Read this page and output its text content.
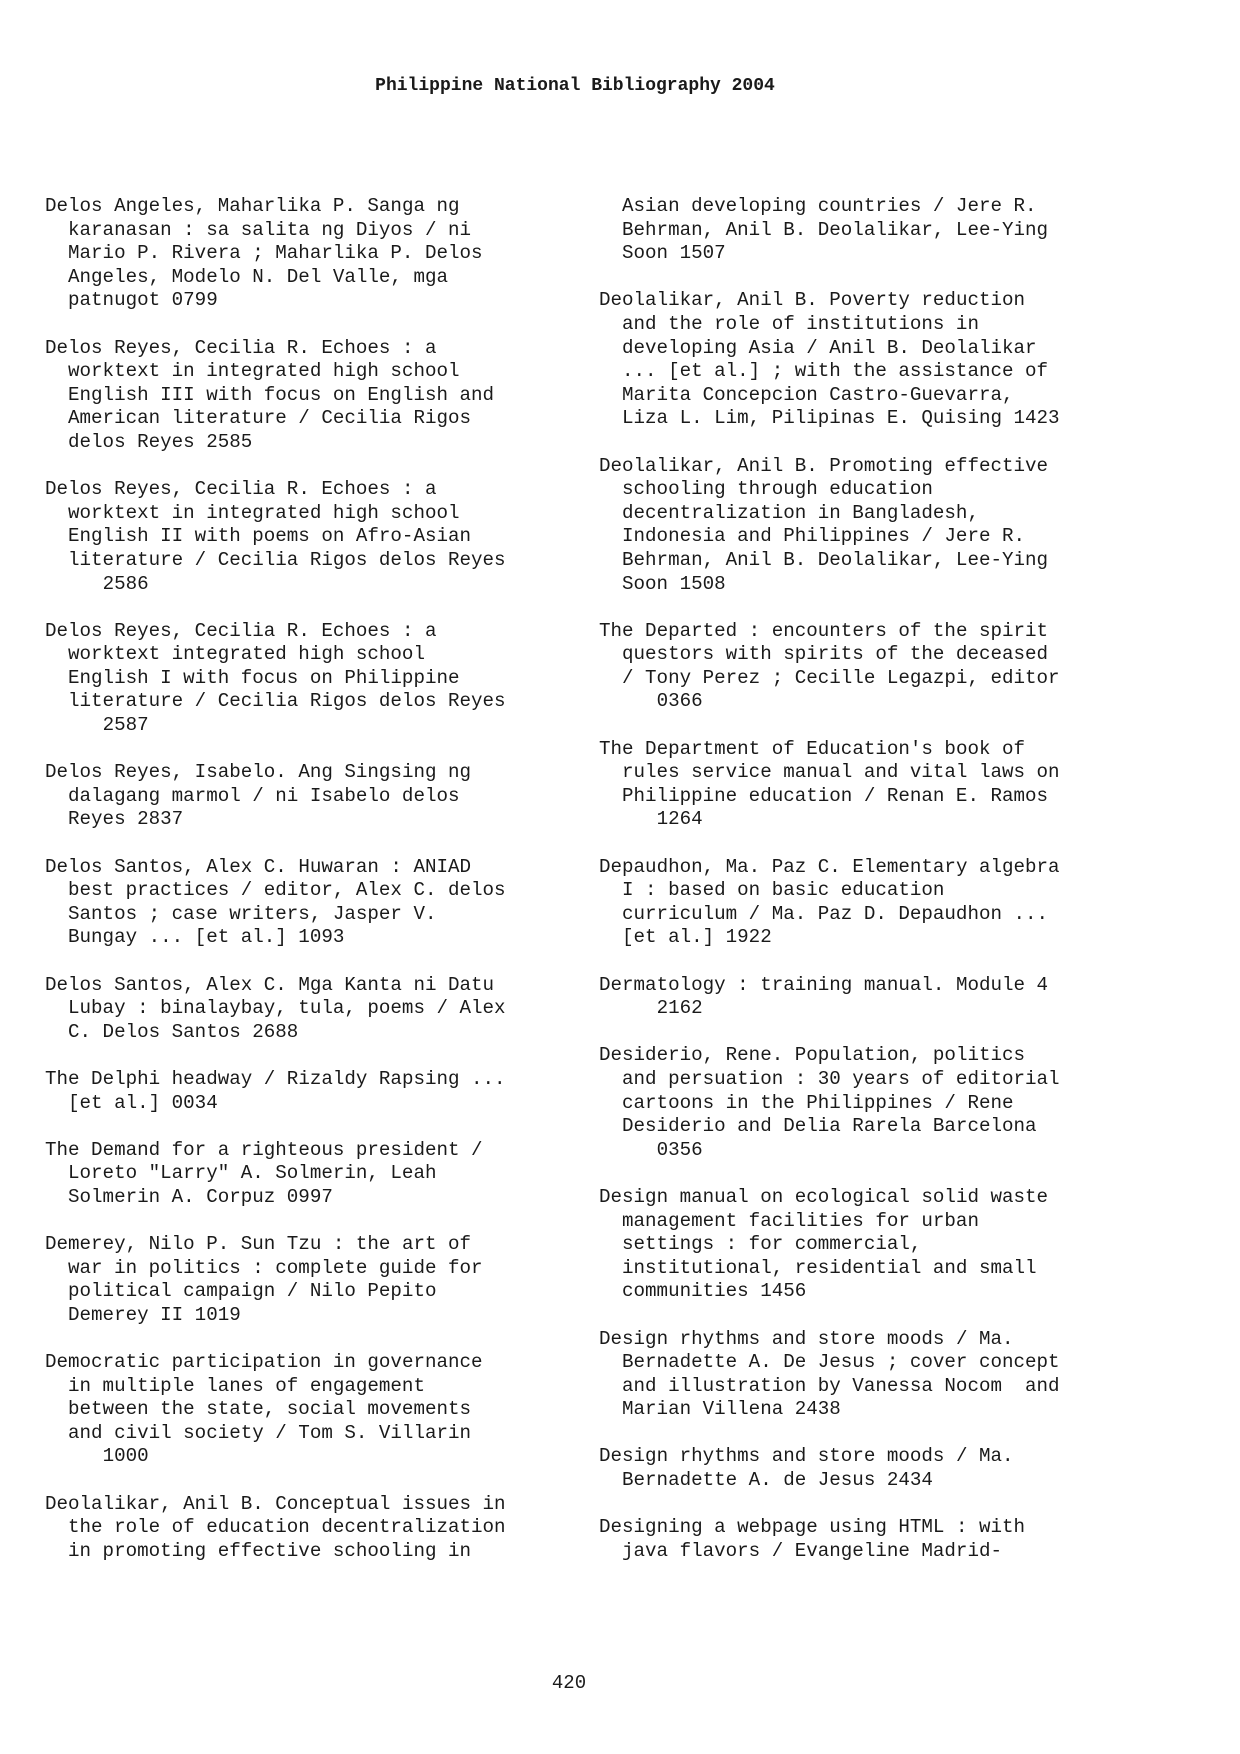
Philippine National Bibliography 2004
Delos Angeles, Maharlika P. Sanga ng
karanasan : sa salita ng Diyos / ni
Mario P. Rivera ; Maharlika P. Delos
Angeles, Modelo N. Del Valle, mga
patnugot 0799
Delos Reyes, Cecilia R. Echoes : a
worktext in integrated high school
English III with focus on English and
American literature / Cecilia Rigos
delos Reyes 2585
Delos Reyes, Cecilia R. Echoes : a
worktext in integrated high school
English II with poems on Afro-Asian
literature / Cecilia Rigos delos Reyes
2586
Delos Reyes, Cecilia R. Echoes : a
worktext integrated high school
English I with focus on Philippine
literature / Cecilia Rigos delos Reyes
2587
Delos Reyes, Isabelo. Ang Singsing ng
dalagang marmol / ni Isabelo delos
Reyes 2837
Delos Santos, Alex C. Huwaran : ANIAD
best practices / editor, Alex C. delos
Santos ; case writers, Jasper V.
Bungay ... [et al.] 1093
Delos Santos, Alex C. Mga Kanta ni Datu
Lubay : binalaybay, tula, poems / Alex
C. Delos Santos 2688
The Delphi headway / Rizaldy Rapsing ...
[et al.] 0034
The Demand for a righteous president /
Loreto "Larry" A. Solmerin, Leah
Solmerin A. Corpuz 0997
Demerey, Nilo P. Sun Tzu : the art of
war in politics : complete guide for
political campaign / Nilo Pepito
Demerey II 1019
Democratic participation in governance
in multiple lanes of engagement
between the state, social movements
and civil society / Tom S. Villarin
1000
Deolalikar, Anil B. Conceptual issues in
the role of education decentralization
in promoting effective schooling in
Asian developing countries / Jere R.
Behrman, Anil B. Deolalikar, Lee-Ying
Soon 1507
Deolalikar, Anil B. Poverty reduction
and the role of institutions in
developing Asia / Anil B. Deolalikar
... [et al.] ; with the assistance of
Marita Concepcion Castro-Guevarra,
Liza L. Lim, Pilipinas E. Quising 1423
Deolalikar, Anil B. Promoting effective
schooling through education
decentralization in Bangladesh,
Indonesia and Philippines / Jere R.
Behrman, Anil B. Deolalikar, Lee-Ying
Soon 1508
The Departed : encounters of the spirit
questors with spirits of the deceased
/ Tony Perez ; Cecille Legazpi, editor
0366
The Department of Education's book of
rules service manual and vital laws on
Philippine education / Renan E. Ramos
1264
Depaudhon, Ma. Paz C. Elementary algebra
I : based on basic education
curriculum / Ma. Paz D. Depaudhon ...
[et al.] 1922
Dermatology : training manual. Module 4
2162
Desiderio, Rene. Population, politics
and persuation : 30 years of editorial
cartoons in the Philippines / Rene
Desiderio and Delia Rarela Barcelona
0356
Design manual on ecological solid waste
management facilities for urban
settings : for commercial,
institutional, residential and small
communities 1456
Design rhythms and store moods / Ma.
Bernadette A. De Jesus ; cover concept
and illustration by Vanessa Nocom  and
Marian Villena 2438
Design rhythms and store moods / Ma.
Bernadette A. de Jesus 2434
Designing a webpage using HTML : with
java flavors / Evangeline Madrid-
420
